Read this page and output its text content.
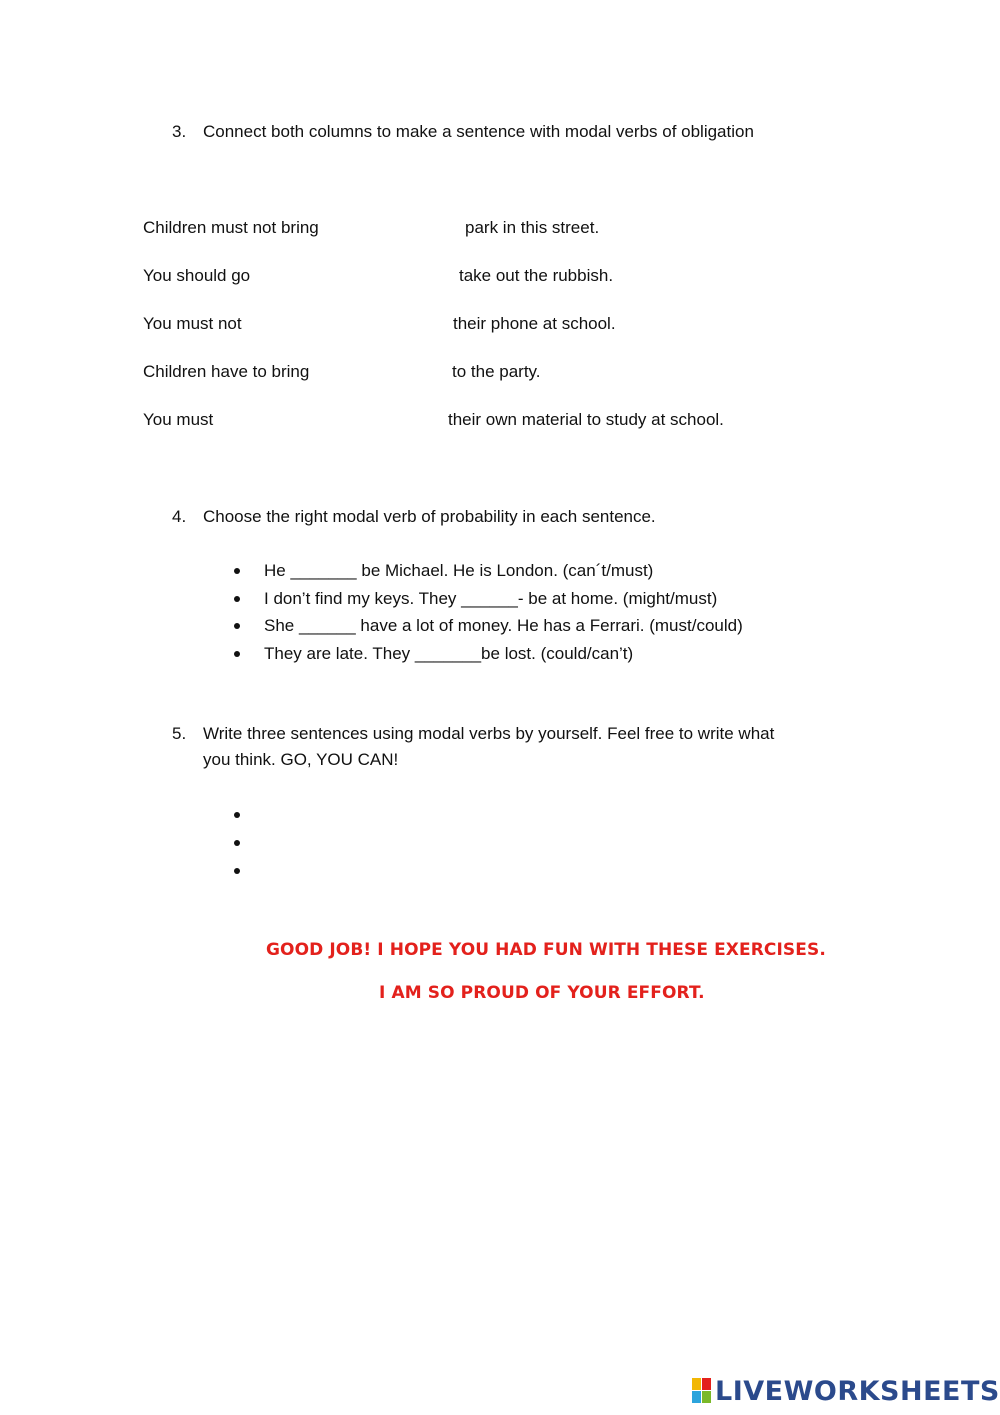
3. Connect both columns to make a sentence with modal verbs of obligation
Children must not bring
You should go
You must not
Children have to bring
You must
park in this street.
take out the rubbish.
their phone at school.
to the party.
their own material to study at school.
4. Choose the right modal verb of probability in each sentence.
He _______ be Michael. He is London. (can´t/must)
I don’t find my keys. They ______- be at home. (might/must)
She ______ have a lot of money. He has a Ferrari. (must/could)
They are late. They _______be lost. (could/can’t)
5. Write three sentences using modal verbs by yourself. Feel free to write what
you think. GO, YOU CAN!
GOOD JOB! I HOPE YOU HAD FUN WITH THESE EXERCISES.
I AM SO PROUD OF YOUR EFFORT.
LIVEWORKSHEETS
